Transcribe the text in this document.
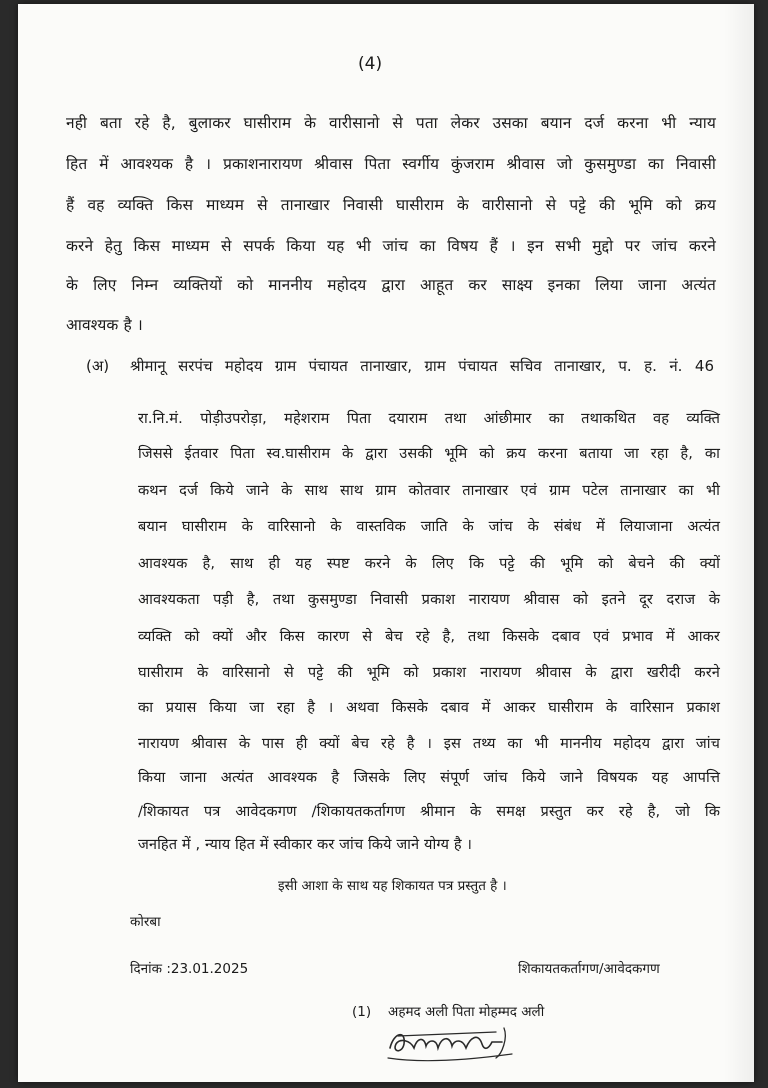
(4)
नही बता रहे है, बुलाकर घासीराम के वारीसानो से पता लेकर उसका बयान दर्ज करना भी न्याय
हित में आवश्यक है । प्रकाशनारायण श्रीवास पिता स्वर्गीय कुंजराम श्रीवास जो कुसमुण्डा का निवासी
हैं वह व्यक्ति किस माध्यम से तानाखार निवासी घासीराम के वारीसानो से पट्टे की भूमि को क्रय
करने हेतु किस माध्यम से सपर्क किया यह भी जांच का विषय हैं । इन सभी मुद्दो पर जांच करने
के लिए निम्न व्यक्तियों को माननीय महोदय द्वारा आहूत कर साक्ष्य इनका लिया जाना अत्यंत
आवश्यक है ।
(अ) श्रीमानू सरपंच महोदय ग्राम पंचायत तानाखार, ग्राम पंचायत सचिव तानाखार, प. ह. नं. 46
रा.नि.मं. पोड़ीउपरोड़ा, महेशराम पिता दयाराम तथा आंछीमार का तथाकथित वह व्यक्ति
जिससे ईतवार पिता स्व.घासीराम के द्वारा उसकी भूमि को क्रय करना बताया जा रहा है, का
कथन दर्ज किये जाने के साथ साथ ग्राम कोतवार तानाखार एवं ग्राम पटेल तानाखार का भी
बयान घासीराम के वारिसानो के वास्तविक जाति के जांच के संबंध में लियाजाना अत्यंत
आवश्यक है, साथ ही यह स्पष्ट करने के लिए कि पट्टे की भूमि को बेचने की क्यों
आवश्यकता पड़ी है, तथा कुसमुण्डा निवासी प्रकाश नारायण श्रीवास को इतने दूर दराज के
व्यक्ति को क्यों और किस कारण से बेच रहे है, तथा किसके दबाव एवं प्रभाव में आकर
घासीराम के वारिसानो से पट्टे की भूमि को प्रकाश नारायण श्रीवास के द्वारा खरीदी करने
का प्रयास किया जा रहा है । अथवा किसके दबाव में आकर घासीराम के वारिसान प्रकाश
नारायण श्रीवास के पास ही क्यों बेच रहे है । इस तथ्य का भी माननीय महोदय द्वारा जांच
किया जाना अत्यंत आवश्यक है जिसके लिए संपूर्ण जांच किये जाने विषयक यह आपत्ति
/शिकायत पत्र आवेदकगण /शिकायतकर्तागण श्रीमान के समक्ष प्रस्तुत कर रहे है, जो कि
जनहित में , न्याय हित में स्वीकार कर जांच किये जाने योग्य है ।
इसी आशा के साथ यह शिकायत पत्र प्रस्तुत है ।
कोरबा
दिनांक :23.01.2025	शिकायतकर्तागण/आवेदकगण
(1) अहमद अली पिता मोहम्मद अली
